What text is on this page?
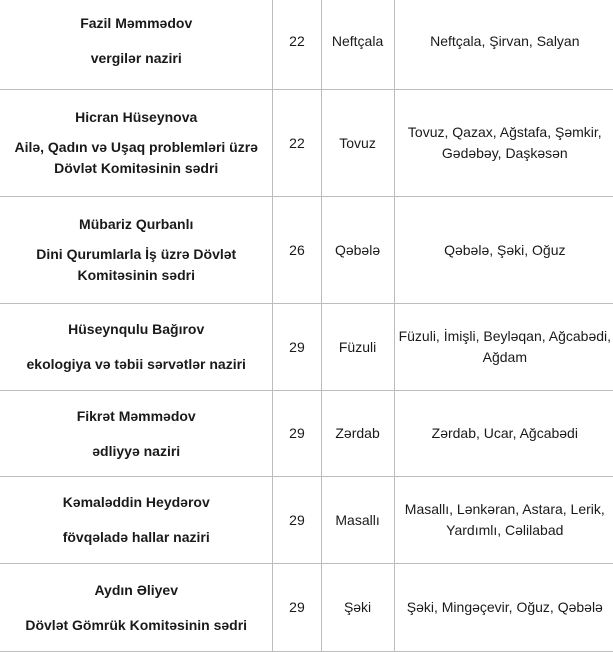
Fazil Məmmədov
vergilər naziri	22	Neftçala	Neftçala, Şirvan, Salyan

Hicran Hüseynova
Ailə, Qadın və Uşaq problemləri üzrə Dövlət Komitəsinin sədri	22	Tovuz	Tovuz, Qazax, Ağstafa, Şəmkir, Gədəbəy, Daşkəsən

Mübariz Qurbanlı
Dini Qurumlarla İş üzrə Dövlət Komitəsinin sədri	26	Qəbələ	Qəbələ, Şəki, Oğuz

Hüseynqulu Bağırov
ekologiya və təbii sərvətlər naziri	29	Füzuli	Füzuli, İmişli, Beyləqan, Ağcabədi, Ağdam

Fikrət Məmmədov
ədliyyə naziri	29	Zərdab	Zərdab, Ucar, Ağcabədi

Kəmaləddin Heydərov
fövqəladə hallar naziri	29	Masallı	Masallı, Lənkəran, Astara, Lerik, Yardımlı, Cəlilabad

Aydın Əliyev
Dövlət Gömrük Komitəsinin sədri	29	Şəki	Şəki, Mingəçevir, Oğuz, Qəbələ
